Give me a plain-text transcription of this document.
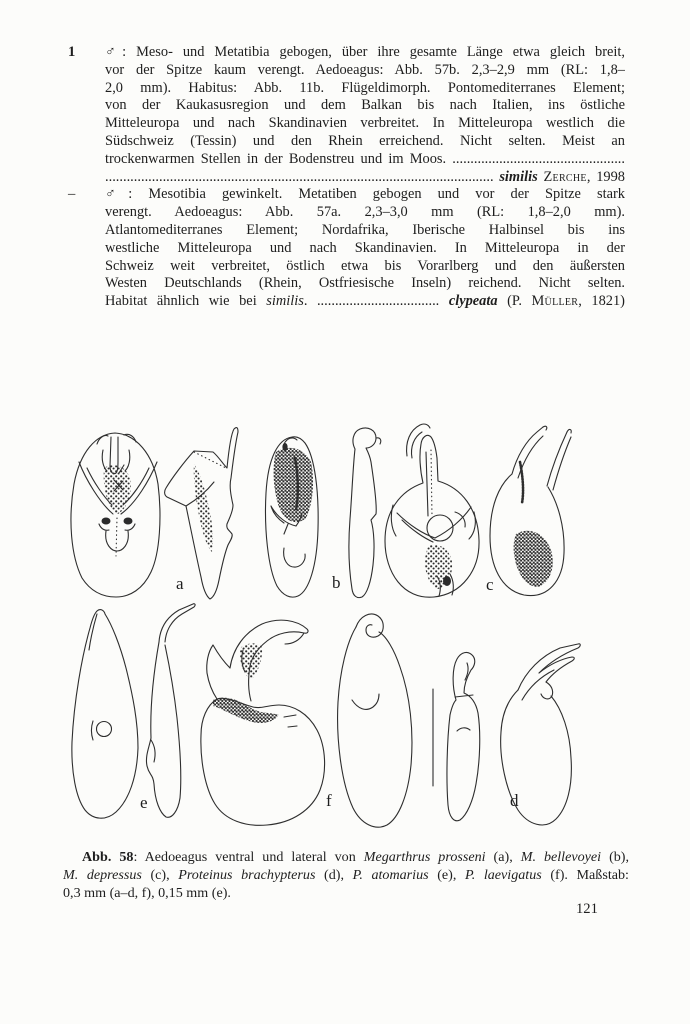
a	b	c
e	f	d
1	♂: Meso- und Metatibia gebogen, über ihre gesamte Länge etwa gleich breit,
vor der Spitze kaum verengt. Aedoeagus: Abb. 57b. 2,3–2,9 mm (RL: 1,8–
2,0 mm). Habitus: Abb. 11b. Flügeldimorph. Pontomediterranes Element;
von der Kaukasusregion und dem Balkan bis nach Italien, ins östliche
Mitteleuropa und nach Skandinavien verbreitet. In Mitteleuropa westlich die
Südschweiz (Tessin) und den Rhein erreichend. Nicht selten. Meist an
trockenwarmen Stellen in der Bodenstreu und im Moos. ................................................
............................................................................................................ similis Zerche, 1998
–	♂: Mesotibia gewinkelt. Metatiben gebogen und vor der Spitze stark
verengt. Aedoeagus: Abb. 57a. 2,3–3,0 mm (RL: 1,8–2,0 mm).
Atlantomediterranes Element; Nordafrika, Iberische Halbinsel bis ins
westliche Mitteleuropa und nach Skandinavien. In Mitteleuropa in der
Schweiz weit verbreitet, östlich etwa bis Vorarlberg und den äußersten
Westen Deutschlands (Rhein, Ostfriesische Inseln) reichend. Nicht selten.
Habitat ähnlich wie bei similis. .................................. clypeata (P. Müller, 1821)
Abb. 58: Aedoeagus ventral und lateral von Megarthrus prosseni (a), M. bellevoyei (b),
M. depressus (c), Proteinus brachypterus (d), P. atomarius (e), P. laevigatus (f). Maßstab:
0,3 mm (a–d, f), 0,15 mm (e).
121
